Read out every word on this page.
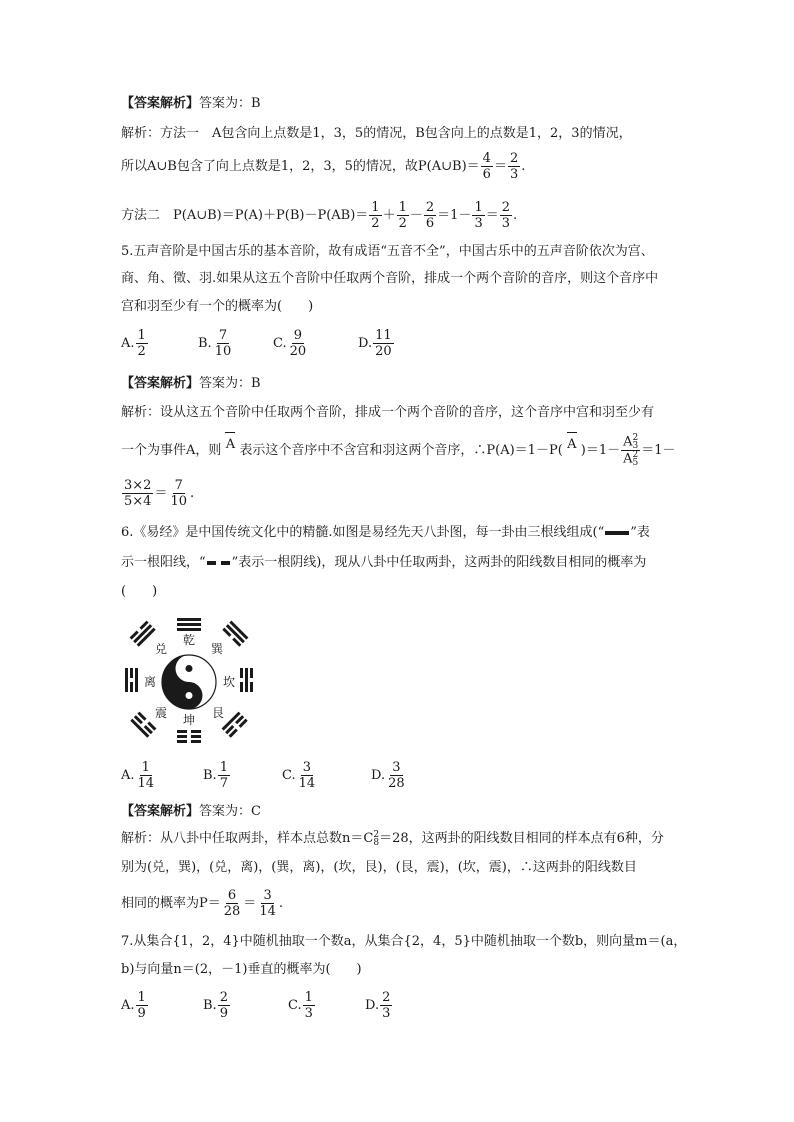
【答案解析】答案为：B
解析：方法一　A包含向上点数是1，3，5的情况，B包含向上的点数是1，2，3的情况，
所以A∪B包含了向上点数是1，2，3，5的情况，故P(A∪B)＝ $\frac{4}{6} = \frac{2}{3}$ .
方法二　P(A∪B)＝P(A)＋P(B)－P(AB)＝ $\frac{1}{2} + \frac{1}{2} - \frac{2}{6} =1- \frac{1}{3} = \frac{2}{3}$ .
5.五声音阶是中国古乐的基本音阶，故有成语“五音不全”，中国古乐中的五声音阶依次为宫、
商、角、徵、羽.如果从这五个音阶中任取两个音阶，排成一个两个音阶的音序，则这个音序中
宫和羽至少有一个的概率为(　　)
A. $\frac{1}{2}$	B. $\frac{7}{10}$	C. $\frac{9}{20}$	D. $\frac{11}{20}$
【答案解析】答案为：B
解析：设从这五个音阶中任取两个音阶，排成一个两个音阶的音序，这个音序中宫和羽至少有
一个为事件A，则 A 表示这个音序中不含宫和羽这两个音序，∴P(A)＝1－P( A )＝1－ A 2
3
A 2
5 ＝1－
$\frac{3\times 2}{5\times 4} = \frac{7}{10}$ .
6.《易经》是中国传统文化中的精髓.如图是易经先天八卦图，每一卦由三根线组成(“ ”表
示一根阳线，“ ”表示一根阴线)，现从八卦中任取两卦，这两卦的阳线数目相同的概率为
(　　)
乾
巽
坎
艮
坤
震
离
兑
A. $\frac{1}{14}$	B. $\frac{1}{7}$	C. $\frac{3}{14}$	D. $\frac{3}{28}$
【答案解析】答案为：C
解析：从八卦中任取两卦，样本点总数n＝C 2
8 ＝28，这两卦的阳线数目相同的样本点有6种，分
别为(兑，巽)，(兑，离)，(巽，离)，(坎，艮)，(艮，震)，(坎，震)，∴这两卦的阳线数目
相同的概率为$P= \frac{6}{28} = \frac{3}{14}$ .
7.从集合{1，2，4}中随机抽取一个数a，从集合{2，4，5}中随机抽取一个数b，则向量m＝(a，
b)与向量n＝(2，－1)垂直的概率为(　　)
A. $\frac{1}{9}$	B. $\frac{2}{9}$	C. $\frac{1}{3}$	D. $\frac{2}{3}$
